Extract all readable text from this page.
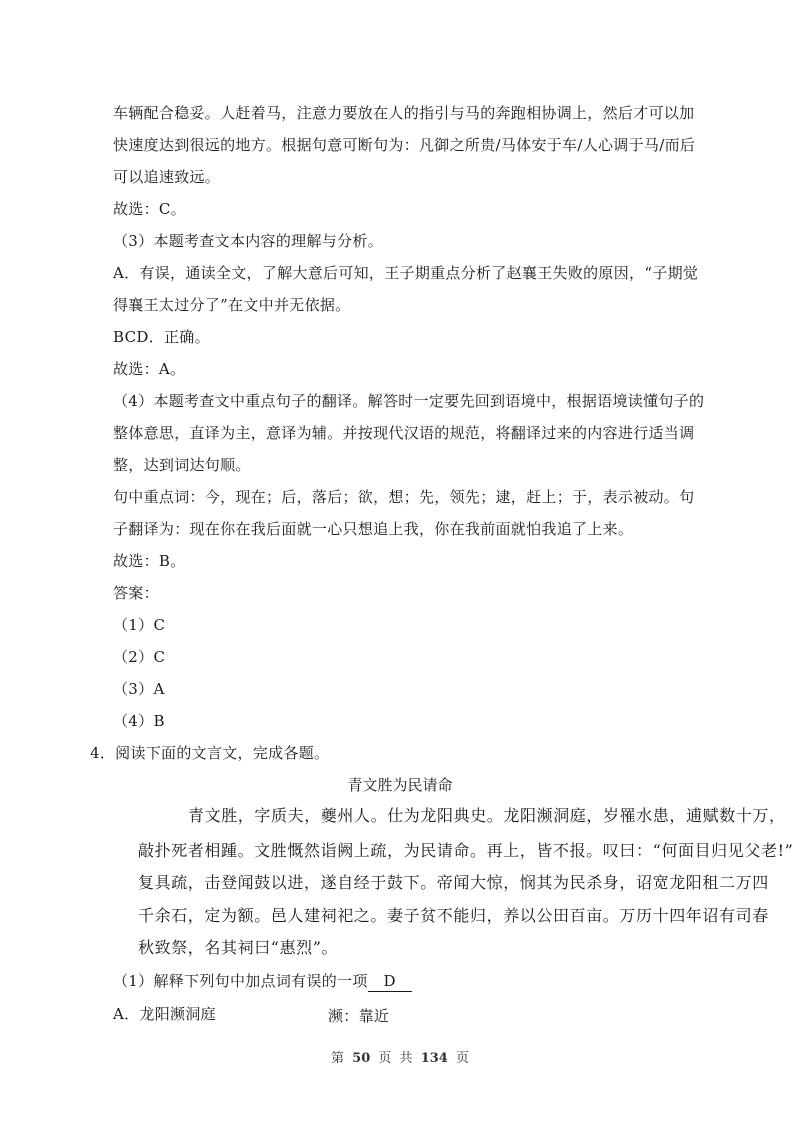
车辆配合稳妥。人赶着马，注意力要放在人的指引与马的奔跑相协调上，然后才可以加
快速度达到很远的地方。根据句意可断句为：凡御之所贵/马体安于车/人心调于马/而后
可以追速致远。
故选：C。
（3）本题考查文本内容的理解与分析。
A．有误，通读全文，了解大意后可知，王子期重点分析了赵襄王失败的原因，“子期觉
得襄王太过分了”在文中并无依据。
BCD．正确。
故选：A。
（4）本题考查文中重点句子的翻译。解答时一定要先回到语境中，根据语境读懂句子的
整体意思，直译为主，意译为辅。并按现代汉语的规范，将翻译过来的内容进行适当调
整，达到词达句顺。
句中重点词：今，现在；后，落后；欲，想；先，领先；逮，赶上；于，表示被动。句
子翻译为：现在你在我后面就一心只想追上我，你在我前面就怕我追了上来。
故选：B。
答案：
（1）C
（2）C
（3）A
（4）B
4．阅读下面的文言文，完成各题。
青文胜为民请命
青文胜，字质夫，夔州人。仕为龙阳典史。龙阳濒洞庭，岁罹水患，逋赋数十万，
敲扑死者相踵。文胜慨然诣阙上疏，为民请命。再上，皆不报。叹曰：“何面目归见父老!”
复具疏，击登闻鼓以进，遂自经于鼓下。帝闻大惊，悯其为民杀身，诏宽龙阳租二万四
千余石，定为额。邑人建祠祀之。妻子贫不能归，养以公田百亩。万历十四年诏有司春
秋致祭，名其祠曰“惠烈”。
（1）解释下列句中加点词有误的一项 D
A．龙阳濒洞庭	濒：靠近
第 50 页 共 134 页
